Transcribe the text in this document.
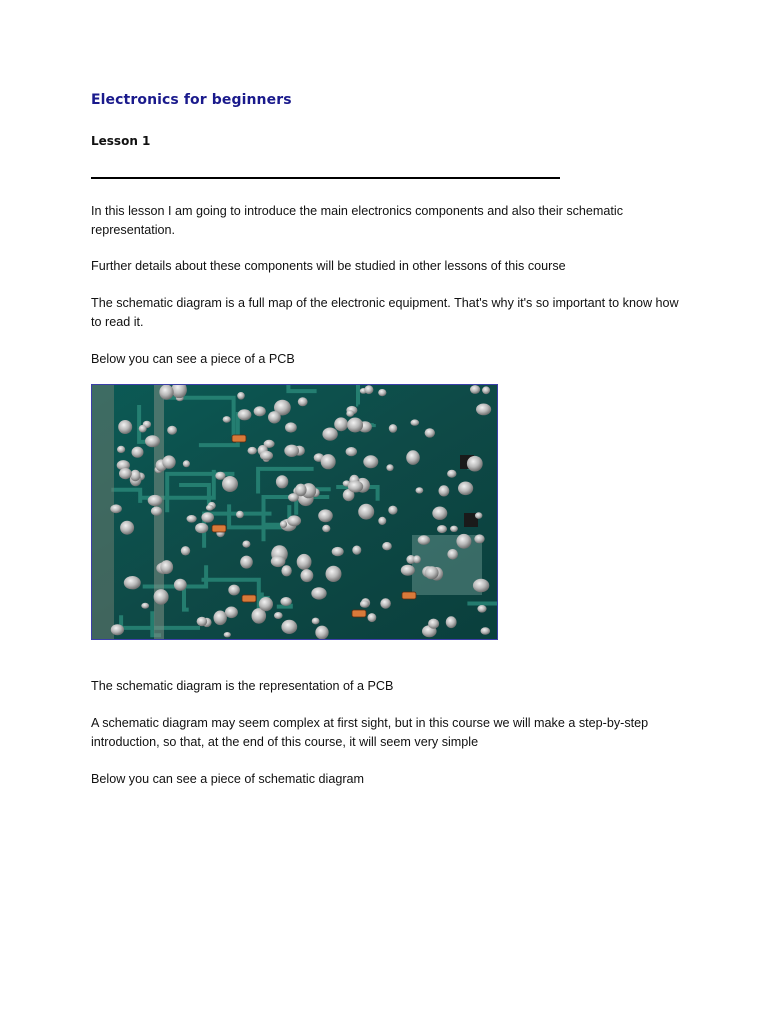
Electronics for beginners
Lesson 1

In this lesson I am going to introduce the main electronics components and also their schematic representation.

Further details about these components will be studied in other lessons of this course

The schematic diagram is a full map of the electronic equipment. That's why it's so important to know how to read it.

Below you can see a piece of a PCB

The schematic diagram is the representation of a PCB

A schematic diagram may seem complex at first sight, but in this course we will make a step-by-step introduction, so that, at the end of this course, it will seem very simple

Below you can see a piece of schematic diagram
